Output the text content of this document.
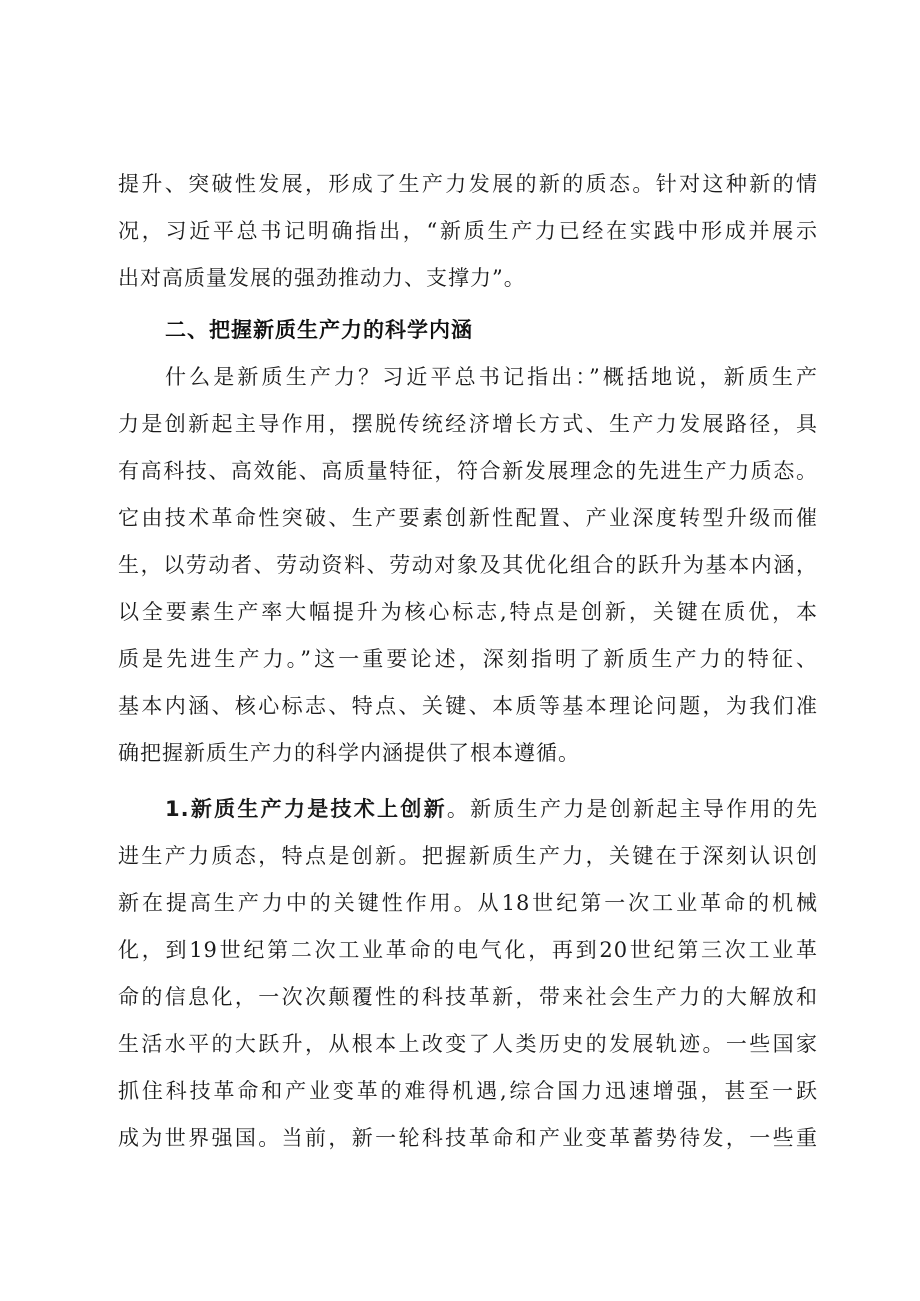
提升、突破性发展，形成了生产力发展的新的质态。针对这种新的情
况，习近平总书记明确指出，“新质生产力已经在实践中形成并展示
出对高质量发展的强劲推动力、支撑力”。
二、把握新质生产力的科学内涵
什么是新质生产力？习近平总书记指出：”概括地说，新质生产
力是创新起主导作用，摆脱传统经济增长方式、生产力发展路径，具
有高科技、高效能、高质量特征，符合新发展理念的先进生产力质态。
它由技术革命性突破、生产要素创新性配置、产业深度转型升级而催
生，以劳动者、劳动资料、劳动对象及其优化组合的跃升为基本内涵，
以全要素生产率大幅提升为核心标志,特点是创新，关键在质优，本
质是先进生产力。”这一重要论述，深刻指明了新质生产力的特征、
基本内涵、核心标志、特点、关键、本质等基本理论问题，为我们准
确把握新质生产力的科学内涵提供了根本遵循。
1.新质生产力是技术上创新。新质生产力是创新起主导作用的先
进生产力质态，特点是创新。把握新质生产力，关键在于深刻认识创
新在提高生产力中的关键性作用。从18世纪第一次工业革命的机械
化，到19世纪第二次工业革命的电气化，再到20世纪第三次工业革
命的信息化，一次次颠覆性的科技革新，带来社会生产力的大解放和
生活水平的大跃升，从根本上改变了人类历史的发展轨迹。一些国家
抓住科技革命和产业变革的难得机遇,综合国力迅速增强，甚至一跃
成为世界强国。当前，新一轮科技革命和产业变革蓄势待发，一些重
